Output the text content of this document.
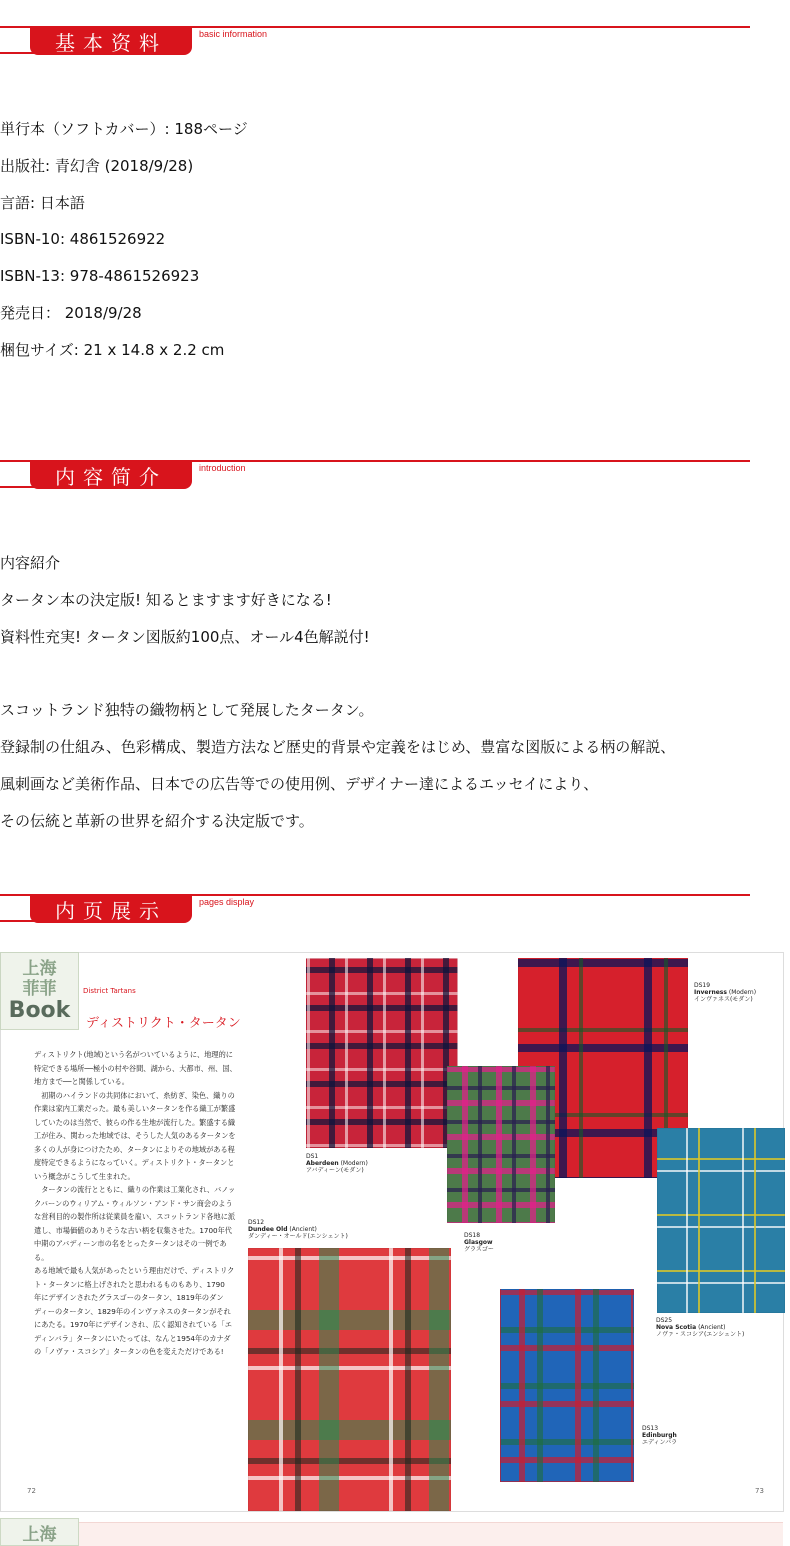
基本资料	basic information
単行本（ソフトカバー）: 188ページ
出版社: 青幻舎 (2018/9/28)
言語: 日本語
ISBN-10: 4861526922
ISBN-13: 978-4861526923
発売日： 2018/9/28
梱包サイズ: 21 x 14.8 x 2.2 cm
内容简介	introduction
内容紹介
タータン本の決定版! 知るとますます好きになる!
資料性充実! タータン図版約100点、オール4色解説付!
スコットランド独特の織物柄として発展したタータン。
登録制の仕組み、色彩構成、製造方法など歴史的背景や定義をはじめ、豊富な図版による柄の解説、
風刺画など美術作品、日本での広告等での使用例、デザイナー達によるエッセイにより、
その伝統と革新の世界を紹介する決定版です。
内页展示	pages display
District Tartans
ディストリクト・タータン
ディストリクト(地域)という名がついているように、地理的に
特定できる場所──極小の村や谷間、湖から、大都市、州、国、
地方まで──と関係している。
　初期のハイランドの共同体において、糸紡ぎ、染色、織りの
作業は家内工業だった。最も美しいタータンを作る織工が繁盛
していたのは当然で、彼らの作る生地が流行した。繁盛する織
工が住み、関わった地域では、そうした人気のあるタータンを
多くの人が身につけたため、タータンによりその地域がある程
度特定できるようになっていく。ディストリクト・タータンと
いう概念がこうして生まれた。
　タータンの流行とともに、織りの作業は工業化され、バノッ
クバーンのウィリアム・ウィルソン・アンド・サン商会のよう
な営利目的の製作所は従業員を雇い、スコットランド各地に派
遣し、市場価値のありそうな古い柄を収集させた。1700年代
中期のアバディーン市の名をとったタータンはその一例である。
ある地域で最も人気があったという理由だけで、ディストリク
ト・タータンに格上げされたと思われるものもあり、1790
年にデザインされたグラスゴーのタータン、1819年のダン
ディーのタータン、1829年のインヴァネスのタータンがそれ
にあたる。1970年にデザインされ、広く認知されている「エ
ディンバラ」タータンにいたっては、なんと1954年のカナダ
の「ノヴァ・スコシア」タータンの色を変えただけである!
72	73
DS1
Aberdeen (Modern)
アバディーン(モダン)
DS12
Dundee Old (Ancient)
ダンディー・オールド(エンシェント)	DS18
Glasgow
グラスゴー
DS19
Inverness (Modern)
インヴァネス(モダン)
DS25
Nova Scotia (Ancient)
ノヴァ・スコシア(エンシェント)
DS13
Edinburgh
エディンバラ
上海
菲菲
Book
上海
